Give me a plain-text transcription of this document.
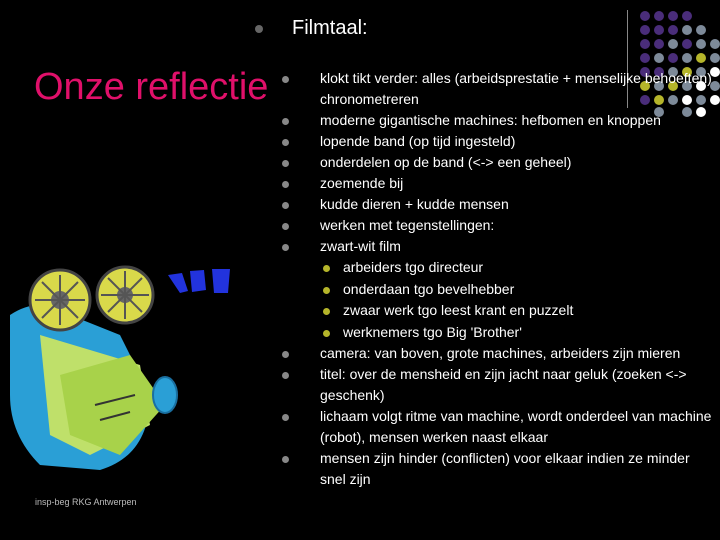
Filmtaal:
Onze reflectie
insp-beg RKG Antwerpen
klokt tikt verder: alles (arbeidsprestatie + menselijke behoeften) chronometreren
moderne gigantische machines: hefbomen en knoppen
lopende band (op tijd ingesteld)
onderdelen op de band (<-> een geheel)
zoemende bij
kudde dieren + kudde mensen
werken met tegenstellingen:
zwart-wit film
arbeiders tgo directeur
onderdaan tgo bevelhebber
zwaar werk tgo leest krant en puzzelt
werknemers tgo Big 'Brother'
camera: van boven, grote machines, arbeiders zijn mieren
titel: over de mensheid en zijn jacht naar geluk (zoeken <-> geschenk)
lichaam volgt ritme van machine, wordt onderdeel van machine (robot), mensen werken naast elkaar
mensen zijn hinder (conflicten) voor elkaar indien ze minder snel zijn
